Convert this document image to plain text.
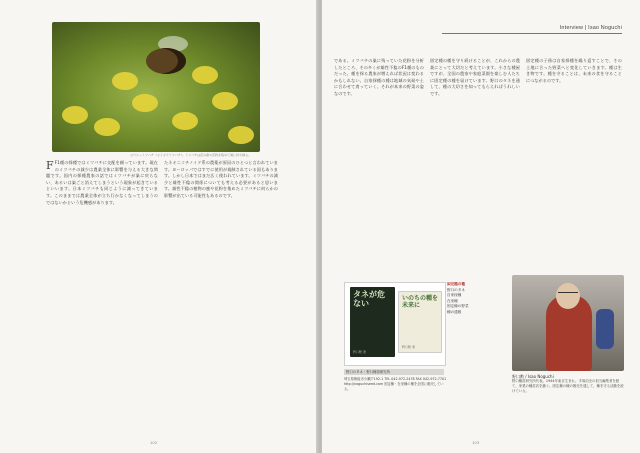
ヨウシュミツバチ（セイヨウミツバチ）。ミツバチは花の蜜や花粉を集めて巣に持ち帰る。
F F1種の採種ではミツバチに交配を頼っています。現在のミツバチの減少は農業全体に影響を与える大きな問題です。国内の採種農家の話ではミツバチが巣に戻らない、あるいは巣ごと消えてしまうという現象が起きているといいます。日本ミツバチも同じように減ってきています。このままでは農業全体が立ち行かなくなってしまうのではないかという危機感があります。
たネオニコチノイド系の農薬が原因のひとつと言われています。ヨーロッパではすでに使用が規制されている国もあります。しかし日本ではまだ広く使われています。ミツバチの減少と雄性不稔の関係についても考える必要があると思います。雄性不稔の植物の蜜や花粉を集めたミツバチに何らかの影響が出ている可能性もあるのです。
102
Interview | Isao Noguchi
である。ミツバチの巣に残っていた花粉を分析したところ、その多くが雄性不稔のF1種のものだった。種を採る農家が増えれば状況は変わるかもしれない。自家採種の種は地域の気候や土に合わせて育っていく。それが本来の野菜の姿なのです。
固定種の種を守り続けることが、これからの農業にとって大切だと考えています。小さな種屋ですが、全国の農家や家庭菜園を楽しむ人たちに固定種の種を届けています。野口のタネを通して、種の大切さを知ってもらえればうれしいです。
固定種の子孫は自家採種を繰り返すことで、その土地に合った野菜へと変化していきます。種は生き物です。種を守ることは、未来の食を守ることにつながるのです。
タネが危ない
野口勲 著
いのちの種を未来に
野口勲 著
野口のタネ・野口種苗研究所
埼玉県飯能市小瀬戸192-1 TEL 042-972-2478 FAX 042-972-7701 http://noguchiseed.com 固定種・在来種の種を全国に販売している。
固定種の種
野口のタネ
自家採種
在来種
固定種の野菜
種の通販
野口勲 / Isao Noguchi
野口種苗研究所代表。1944年東京生まれ。手塚治虫の担当編集者を経て、家業の種苗店を継ぐ。固定種の種の販売を通して、種を守る活動を続けている。
103
